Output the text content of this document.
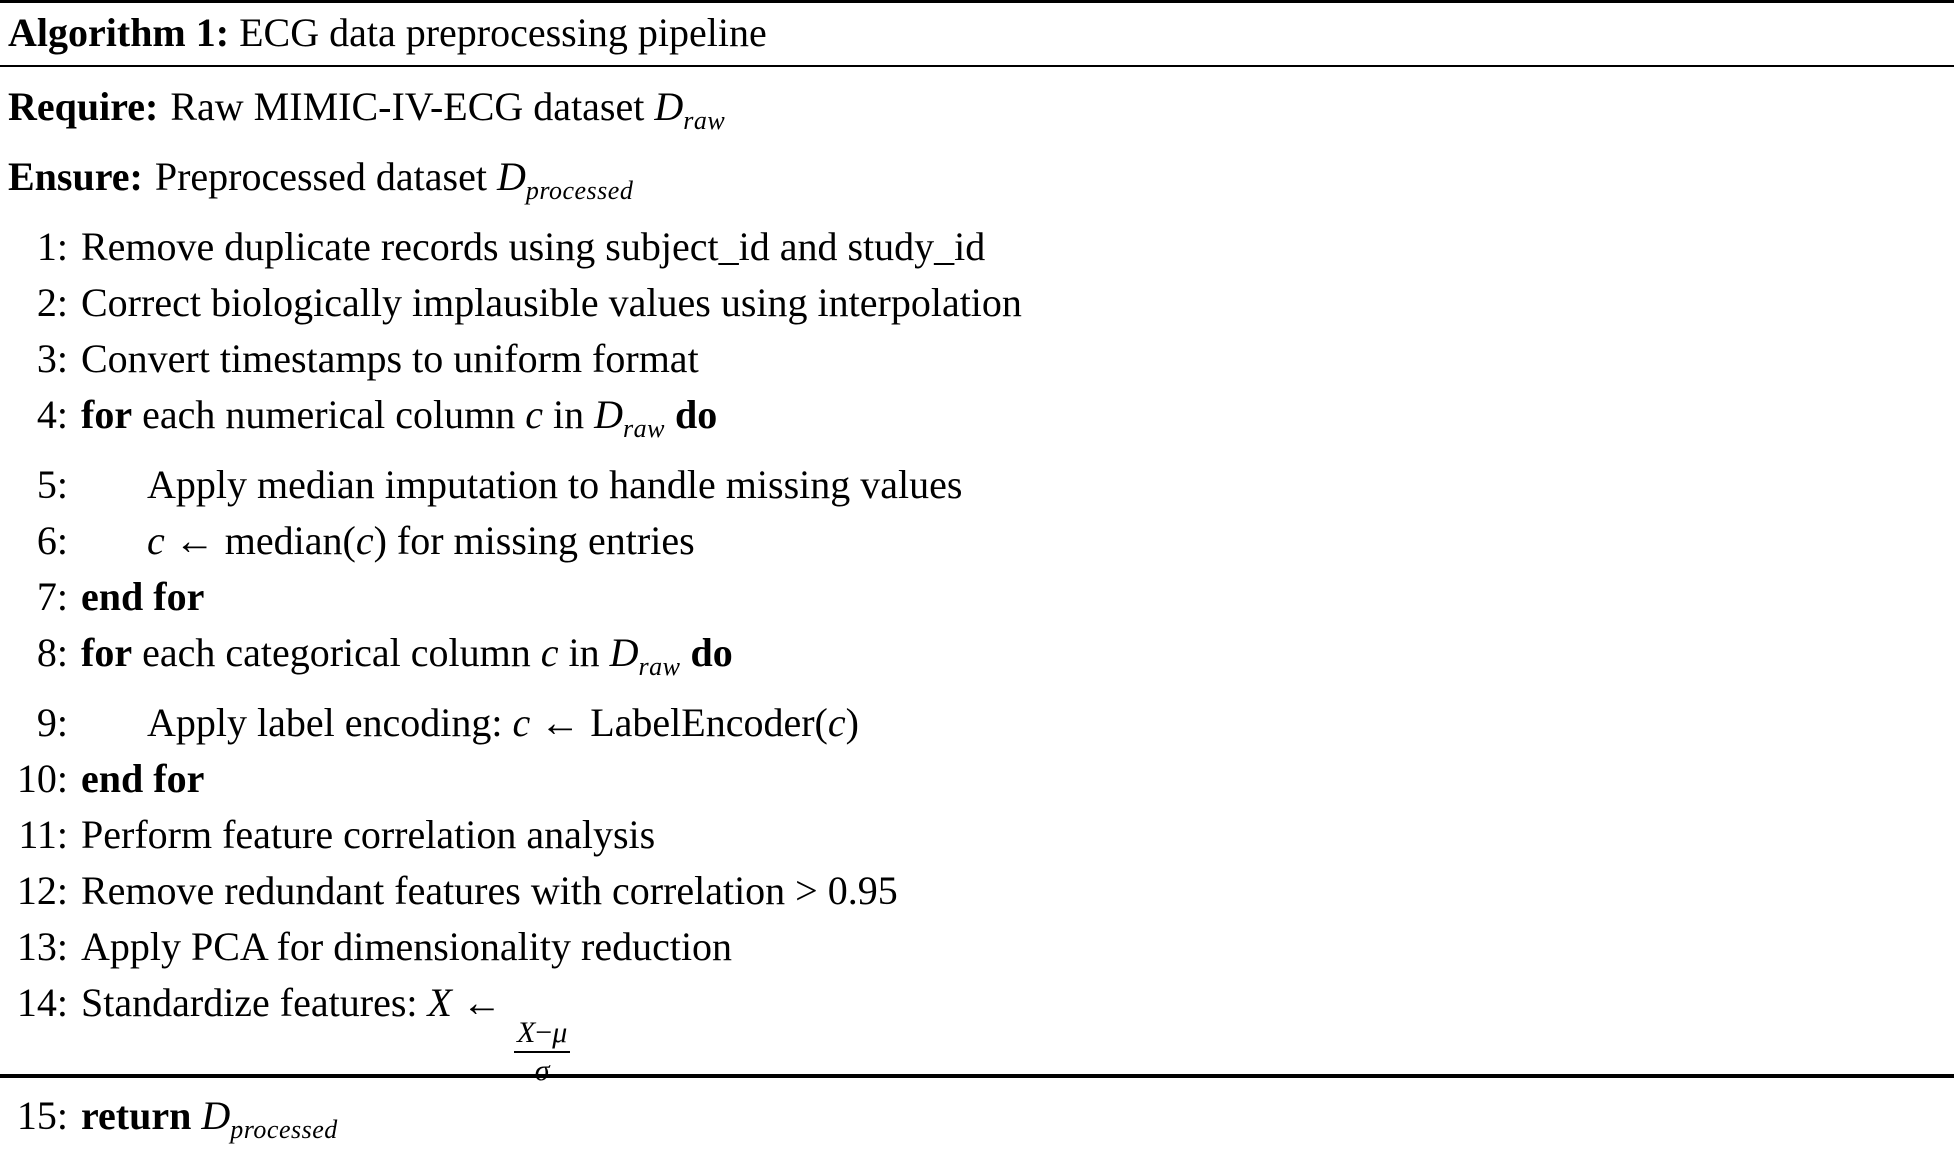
Algorithm 1: ECG data preprocessing pipeline
Require: Raw MIMIC-IV-ECG dataset $D_{raw}$
Ensure: Preprocessed dataset $D_{processed}$
1: Remove duplicate records using subject_id and study_id
2: Correct biologically implausible values using interpolation
3: Convert timestamps to uniform format
4: for each numerical column c in $D_{raw}$ do
5:	Apply median imputation to handle missing values
6:	c ← median(c) for missing entries
7: end for
8: for each categorical column c in $D_{raw}$ do
9:	Apply label encoding: c ← LabelEncoder(c)
10: end for
11: Perform feature correlation analysis
12: Remove redundant features with correlation > 0.95
13: Apply PCA for dimensionality reduction
14: Standardize features: X ←
$\frac{X-\mu}{\sigma}$
15: return $D_{processed}$
